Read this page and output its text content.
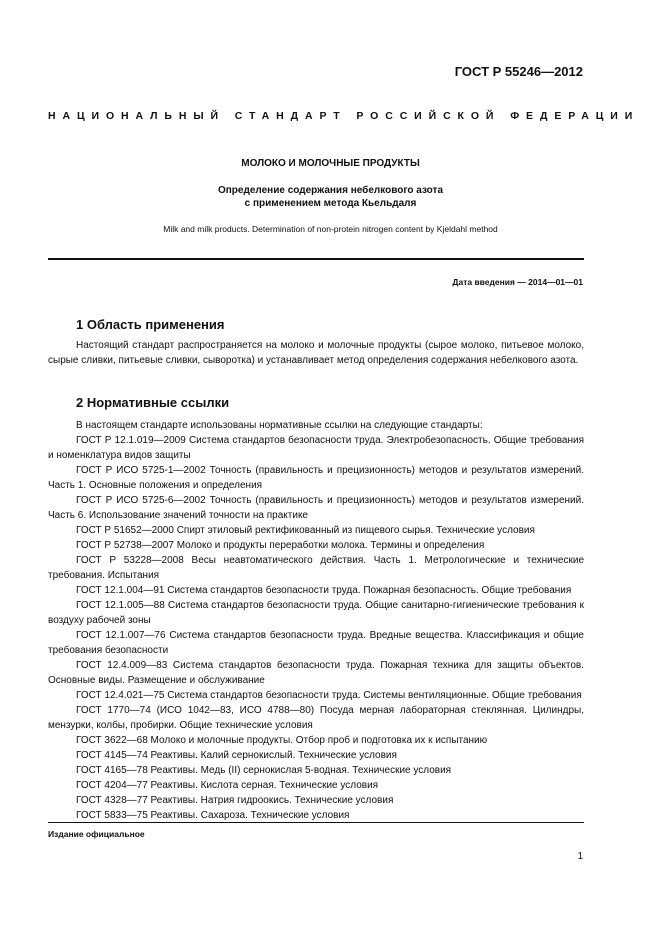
ГОСТ Р 55246—2012
НАЦИОНАЛЬНЫЙ СТАНДАРТ РОССИЙСКОЙ ФЕДЕРАЦИИ
МОЛОКО И МОЛОЧНЫЕ ПРОДУКТЫ
Определение содержания небелкового азота
с применением метода Кьельдаля
Milk and milk products. Determination of non-protein nitrogen content by Kjeldahl method
Дата введения — 2014—01—01
1 Область применения

Настоящий стандарт распространяется на молоко и молочные продукты (сырое молоко, питьевое молоко, сырые сливки, питьевые сливки, сыворотка) и устанавливает метод определения содержания небелкового азота.

2 Нормативные ссылки

В настоящем стандарте использованы нормативные ссылки на следующие стандарты:

ГОСТ Р 12.1.019—2009 Система стандартов безопасности труда. Электробезопасность. Общие требования и номенклатура видов защиты

ГОСТ Р ИСО 5725-1—2002 Точность (правильность и прецизионность) методов и результатов измерений. Часть 1. Основные положения и определения

ГОСТ Р ИСО 5725-6—2002 Точность (правильность и прецизионность) методов и результатов измерений. Часть 6. Использование значений точности на практике

ГОСТ Р 51652—2000 Спирт этиловый ректификованный из пищевого сырья. Технические условия

ГОСТ Р 52738—2007 Молоко и продукты переработки молока. Термины и определения

ГОСТ Р 53228—2008 Весы неавтоматического действия. Часть 1. Метрологические и технические требования. Испытания

ГОСТ 12.1.004—91 Система стандартов безопасности труда. Пожарная безопасность. Общие требования

ГОСТ 12.1.005—88 Система стандартов безопасности труда. Общие санитарно-гигиенические требования к воздуху рабочей зоны

ГОСТ 12.1.007—76 Система стандартов безопасности труда. Вредные вещества. Классификация и общие требования безопасности

ГОСТ 12.4.009—83 Система стандартов безопасности труда. Пожарная техника для защиты объектов. Основные виды. Размещение и обслуживание

ГОСТ 12.4.021—75 Система стандартов безопасности труда. Системы вентиляционные. Общие требования

ГОСТ 1770—74 (ИСО 1042—83, ИСО 4788—80) Посуда мерная лабораторная стеклянная. Цилиндры, мензурки, колбы, пробирки. Общие технические условия

ГОСТ 3622—68 Молоко и молочные продукты. Отбор проб и подготовка их к испытанию

ГОСТ 4145—74 Реактивы. Калий сернокислый. Технические условия

ГОСТ 4165—78 Реактивы. Медь (II) сернокислая 5-водная. Технические условия

ГОСТ 4204—77 Реактивы. Кислота серная. Технические условия

ГОСТ 4328—77 Реактивы. Натрия гидроокись. Технические условия

ГОСТ 5833—75 Реактивы. Сахароза. Технические условия

Издание официальное
1
